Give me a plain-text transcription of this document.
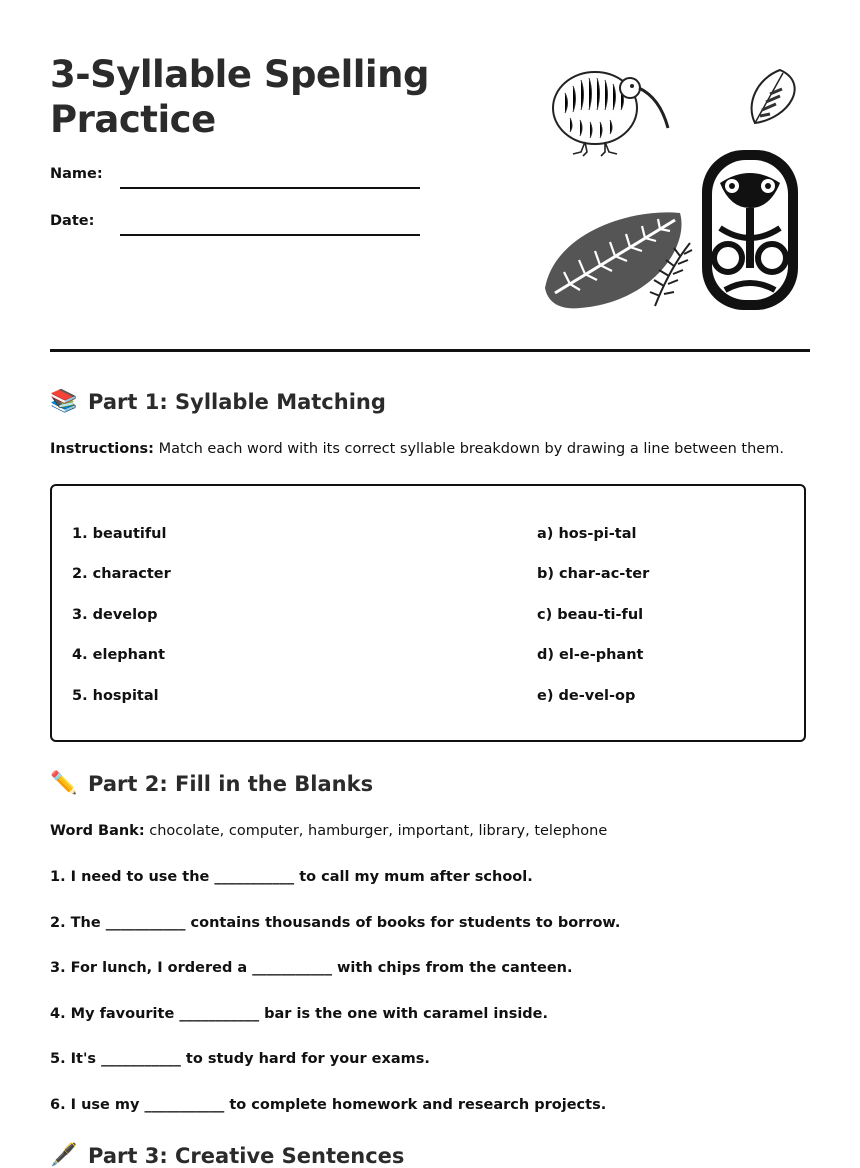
3-Syllable Spelling Practice
Name:
Date:
📚 Part 1: Syllable Matching
Instructions: Match each word with its correct syllable breakdown by drawing a line between them.
1. beautiful
2. character
3. develop
4. elephant
5. hospital
a) hos-pi-tal
b) char-ac-ter
c) beau-ti-ful
d) el-e-phant
e) de-vel-op
✏️ Part 2: Fill in the Blanks
Word Bank: chocolate, computer, hamburger, important, library, telephone
1. I need to use the ___________ to call my mum after school.
2. The ___________ contains thousands of books for students to borrow.
3. For lunch, I ordered a ___________ with chips from the canteen.
4. My favourite ___________ bar is the one with caramel inside.
5. It's ___________ to study hard for your exams.
6. I use my ___________ to complete homework and research projects.
🖋️ Part 3: Creative Sentences
